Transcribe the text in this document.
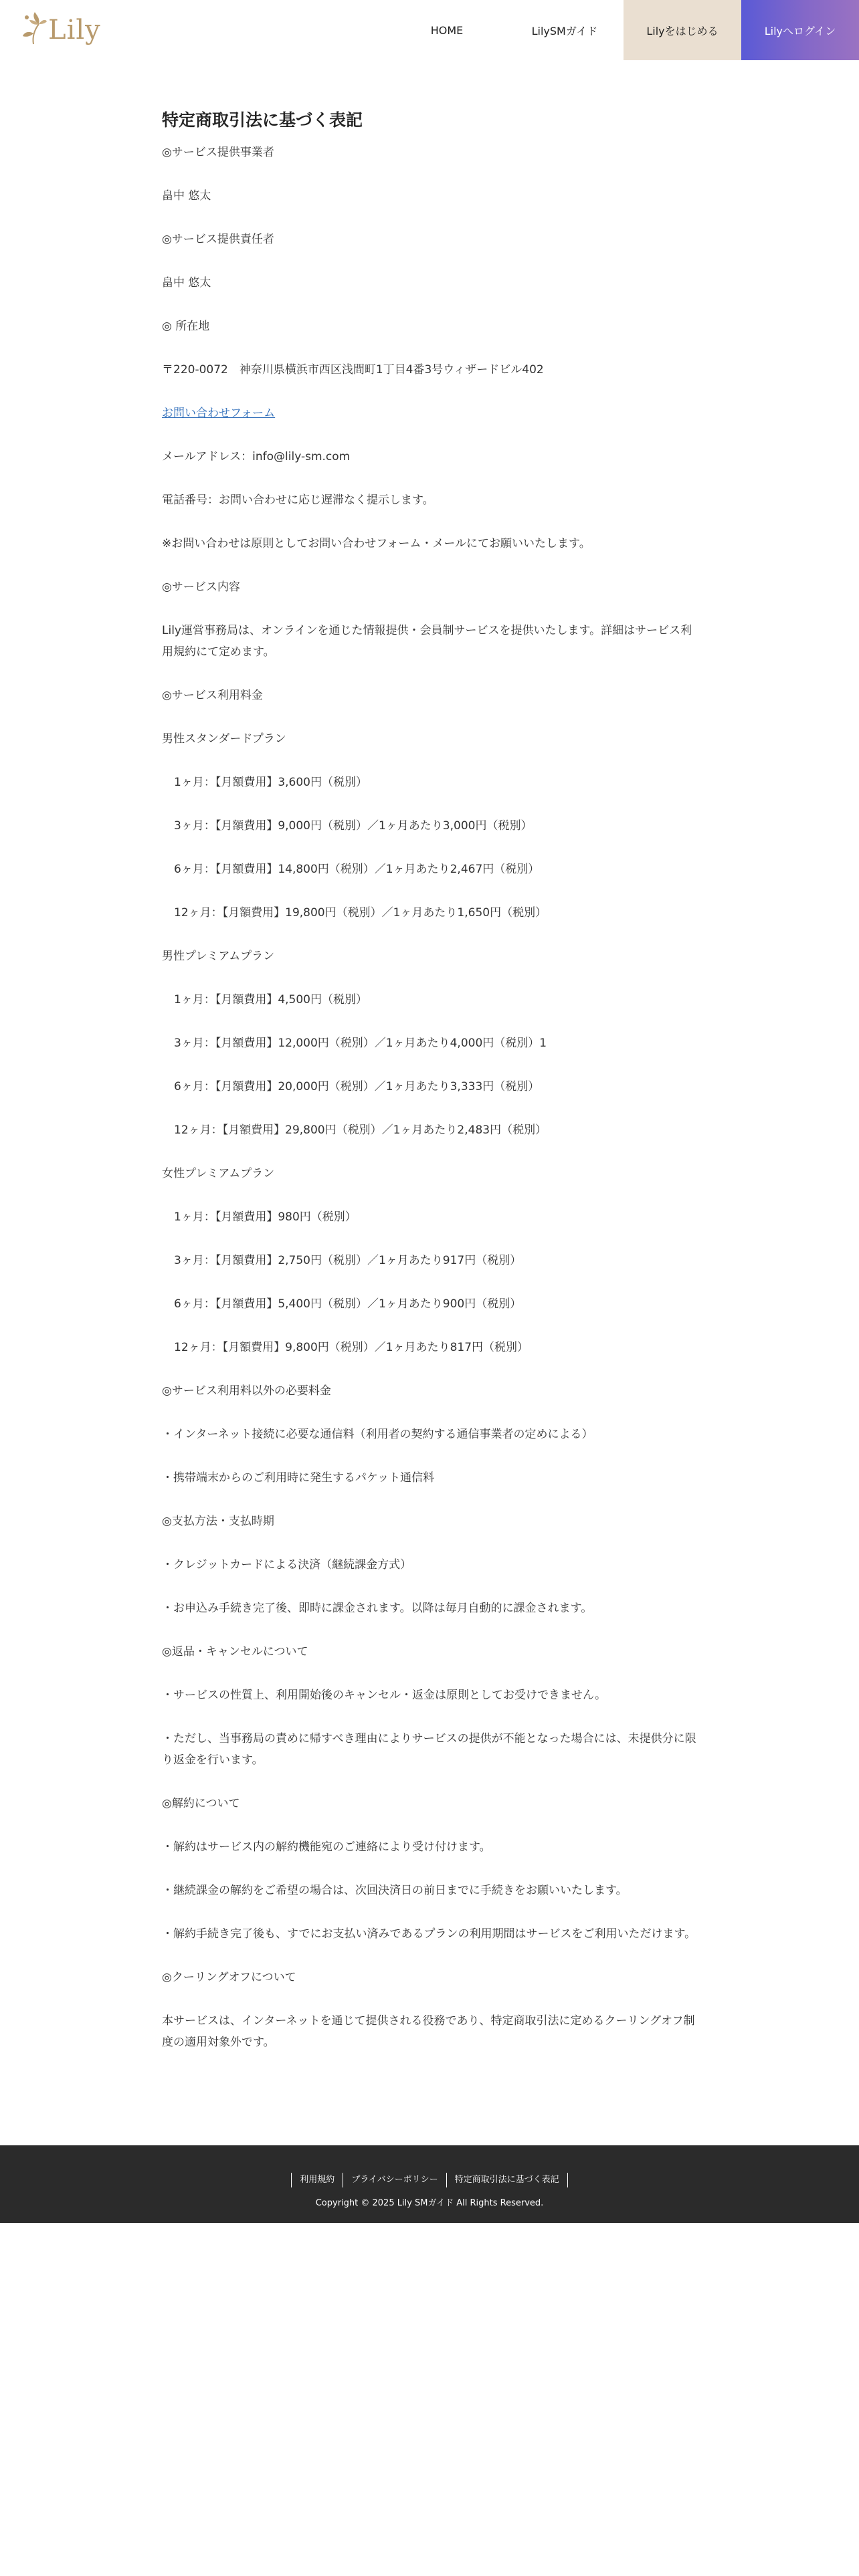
Lily	HOME	LilySMガイド	Lilyをはじめる	Lilyへログイン
特定商取引法に基づく表記

◎サービス提供事業者

畠中 悠太

◎サービス提供責任者

畠中 悠太

◎ 所在地

〒220-0072　神奈川県横浜市西区浅間町1丁目4番3号ウィザードビル402

お問い合わせフォーム

メールアドレス：info@lily-sm.com

電話番号：お問い合わせに応じ遅滞なく提示します。

※お問い合わせは原則としてお問い合わせフォーム・メールにてお願いいたします。

◎サービス内容

Lily運営事務局は、オンラインを通じた情報提供・会員制サービスを提供いたします。詳細はサービス利用規約にて定めます。

◎サービス利用料金

男性スタンダードプラン

1ヶ月：【月額費用】3,600円（税別）

3ヶ月：【月額費用】9,000円（税別）／1ヶ月あたり3,000円（税別）

6ヶ月：【月額費用】14,800円（税別）／1ヶ月あたり2,467円（税別）

12ヶ月：【月額費用】19,800円（税別）／1ヶ月あたり1,650円（税別）

男性プレミアムプラン

1ヶ月：【月額費用】4,500円（税別）

3ヶ月：【月額費用】12,000円（税別）／1ヶ月あたり4,000円（税別）1

6ヶ月：【月額費用】20,000円（税別）／1ヶ月あたり3,333円（税別）

12ヶ月：【月額費用】29,800円（税別）／1ヶ月あたり2,483円（税別）

女性プレミアムプラン

1ヶ月：【月額費用】980円（税別）

3ヶ月：【月額費用】2,750円（税別）／1ヶ月あたり917円（税別）

6ヶ月：【月額費用】5,400円（税別）／1ヶ月あたり900円（税別）

12ヶ月：【月額費用】9,800円（税別）／1ヶ月あたり817円（税別）

◎サービス利用料以外の必要料金

・インターネット接続に必要な通信料（利用者の契約する通信事業者の定めによる）

・携帯端末からのご利用時に発生するパケット通信料

◎支払方法・支払時期

・クレジットカードによる決済（継続課金方式）

・お申込み手続き完了後、即時に課金されます。以降は毎月自動的に課金されます。

◎返品・キャンセルについて

・サービスの性質上、利用開始後のキャンセル・返金は原則としてお受けできません。

・ただし、当事務局の責めに帰すべき理由によりサービスの提供が不能となった場合には、未提供分に限り返金を行います。

◎解約について

・解約はサービス内の解約機能宛のご連絡により受け付けます。

・継続課金の解約をご希望の場合は、次回決済日の前日までに手続きをお願いいたします。

・解約手続き完了後も、すでにお支払い済みであるプランの利用期間はサービスをご利用いただけます。

◎クーリングオフについて

本サービスは、インターネットを通じて提供される役務であり、特定商取引法に定めるクーリングオフ制度の適用対象外です。

利用規約	プライバシーポリシー	特定商取引法に基づく表記
Copyright © 2025 Lily SMガイド All Rights Reserved.
